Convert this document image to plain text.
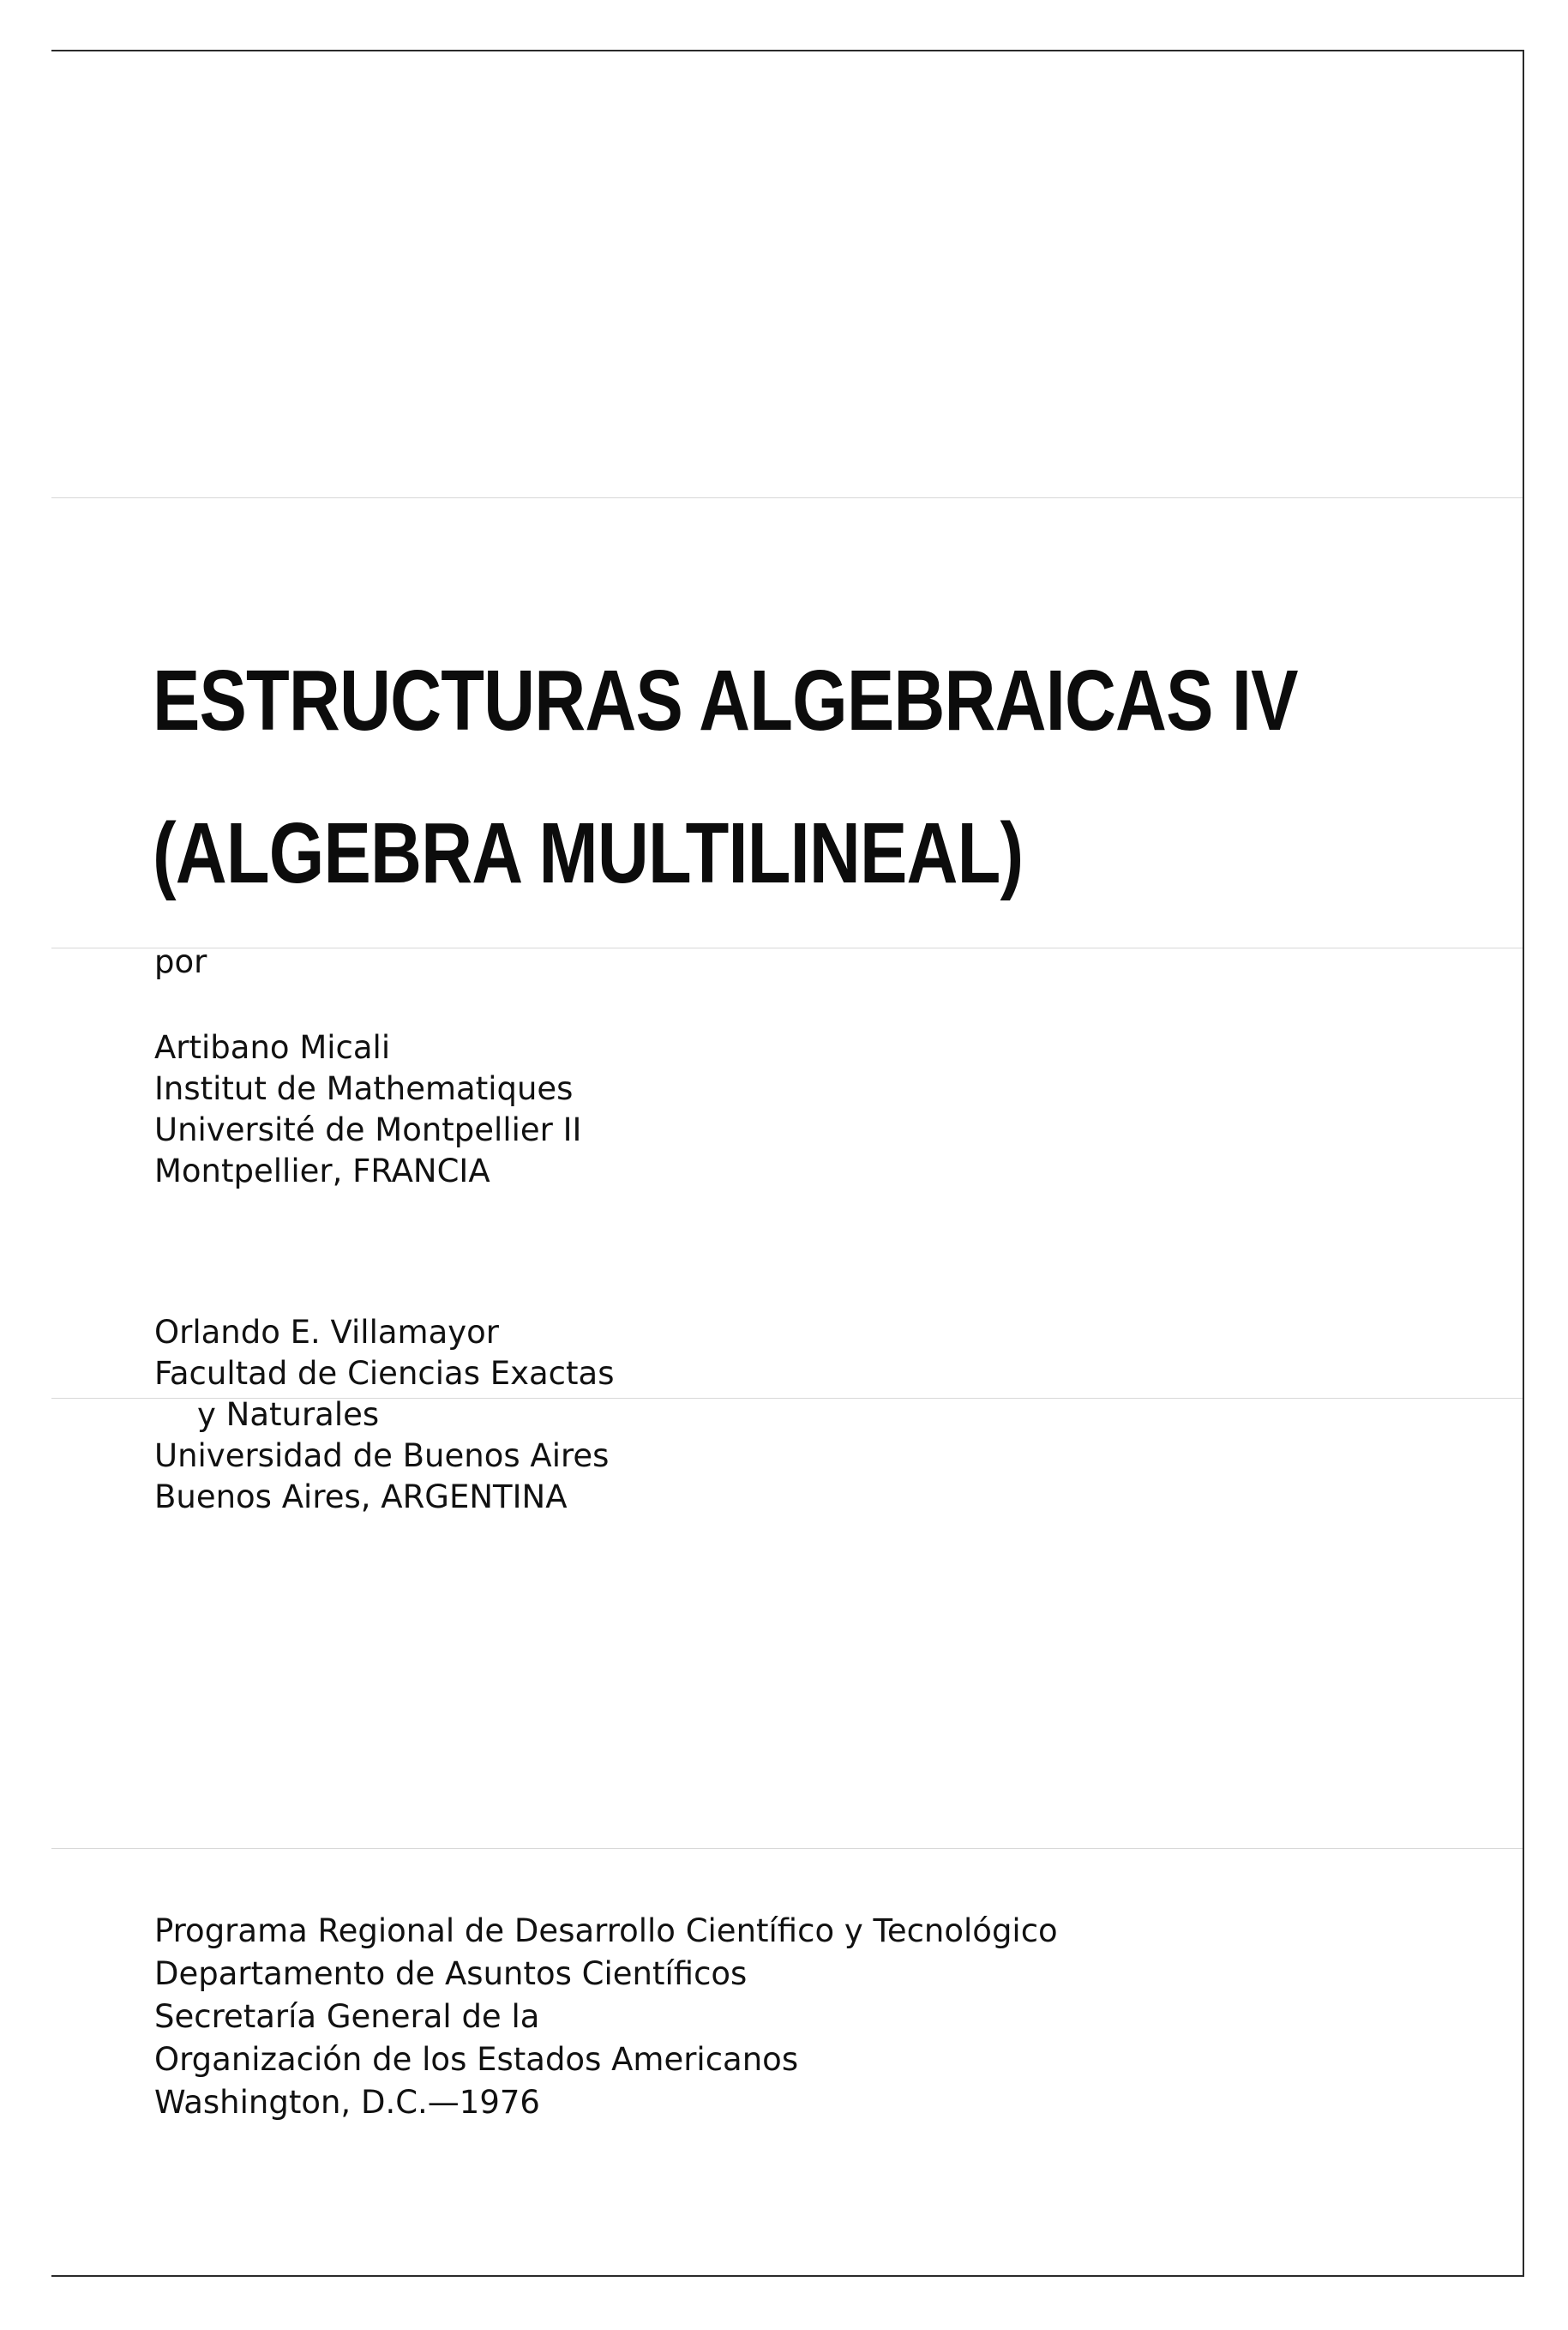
ESTRUCTURAS ALGEBRAICAS IV
(ALGEBRA MULTILINEAL)
por
Artibano Micali
Institut de Mathematiques
Université de Montpellier II
Montpellier, FRANCIA
Orlando E. Villamayor
Facultad de Ciencias Exactas
y Naturales
Universidad de Buenos Aires
Buenos Aires, ARGENTINA
Programa Regional de Desarrollo Científico y Tecnológico
Departamento de Asuntos Científicos
Secretaría General de la
Organización de los Estados Americanos
Washington, D.C.—1976
